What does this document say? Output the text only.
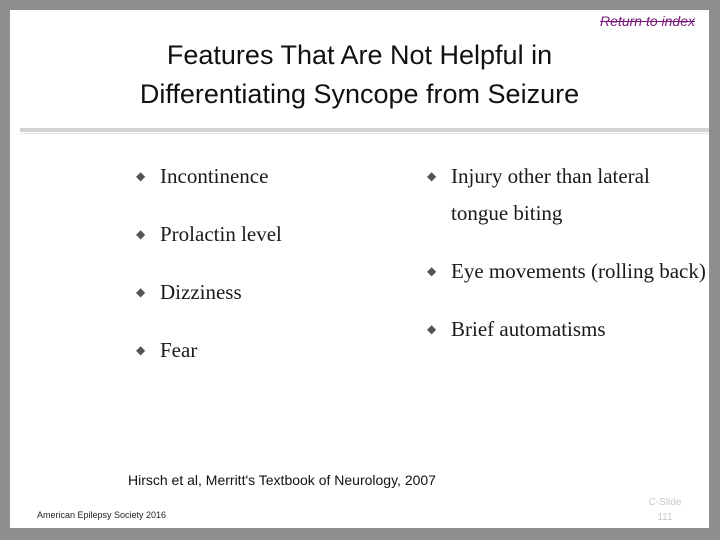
Return to index
Features That Are Not Helpful in
Differentiating Syncope from Seizure
◆ Incontinence
◆ Prolactin level
◆ Dizziness
◆ Fear
◆ Injury other than lateral tongue biting
◆ Eye movements (rolling back)
◆ Brief automatisms
Hirsch et al, Merritt's Textbook of Neurology, 2007
American Epilepsy Society 2016
C-Slide
111
